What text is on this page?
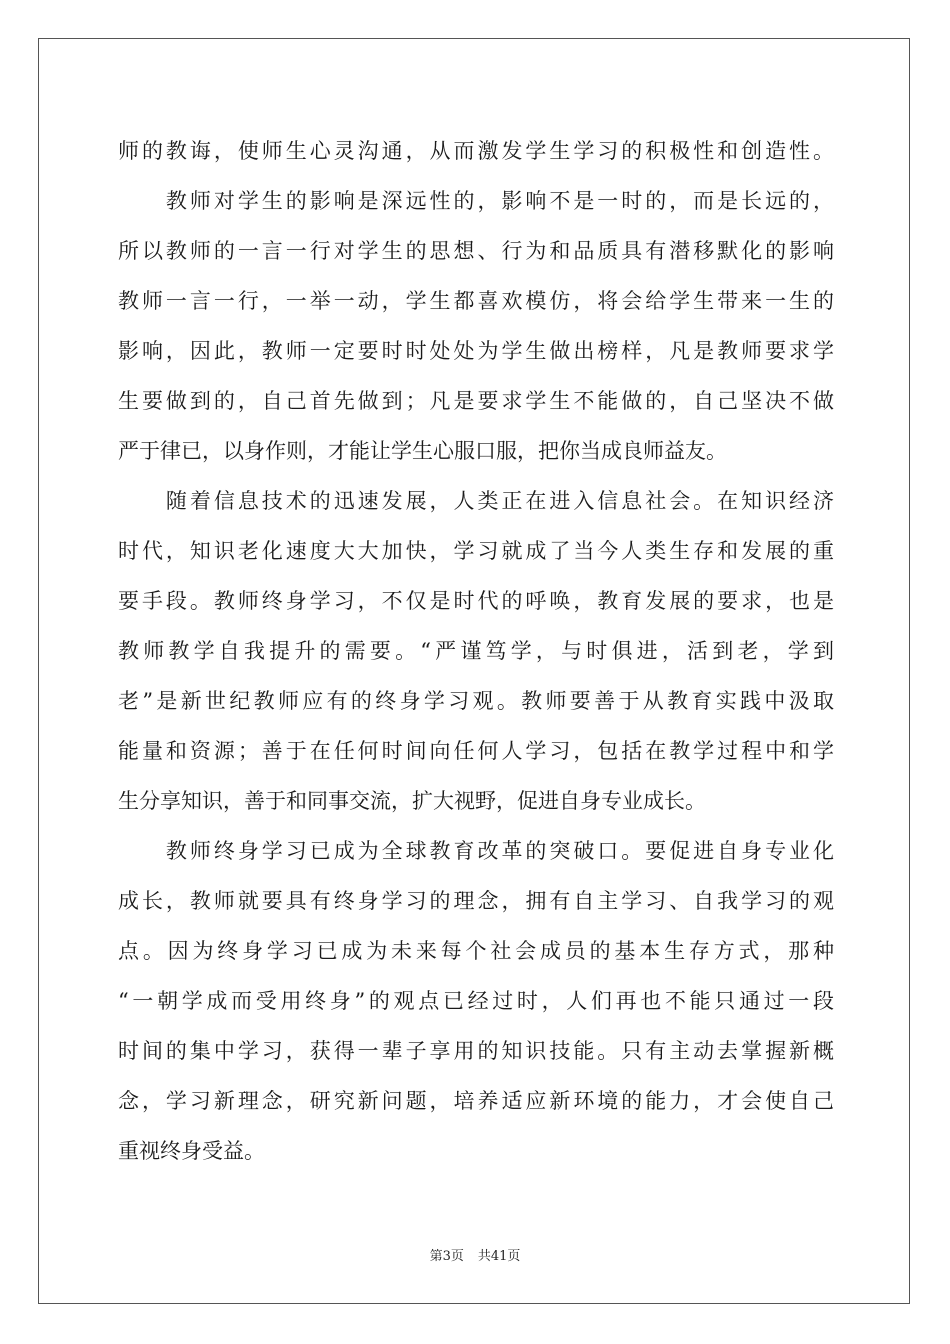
师的教诲，使师生心灵沟通，从而激发学生学习的积极性和创造性。
　　教师对学生的影响是深远性的，影响不是一时的，而是长远的，
所以教师的一言一行对学生的思想、行为和品质具有潜移默化的影响
教师一言一行，一举一动，学生都喜欢模仿，将会给学生带来一生的
影响，因此，教师一定要时时处处为学生做出榜样，凡是教师要求学
生要做到的，自己首先做到；凡是要求学生不能做的，自己坚决不做
严于律已，以身作则，才能让学生心服口服，把你当成良师益友。
　　随着信息技术的迅速发展，人类正在进入信息社会。在知识经济
时代，知识老化速度大大加快，学习就成了当今人类生存和发展的重
要手段。教师终身学习，不仅是时代的呼唤，教育发展的要求，也是
教师教学自我提升的需要。“严谨笃学，与时俱进，活到老，学到
老”是新世纪教师应有的终身学习观。教师要善于从教育实践中汲取
能量和资源；善于在任何时间向任何人学习，包括在教学过程中和学
生分享知识，善于和同事交流，扩大视野，促进自身专业成长。
　　教师终身学习已成为全球教育改革的突破口。要促进自身专业化
成长，教师就要具有终身学习的理念，拥有自主学习、自我学习的观
点。因为终身学习已成为未来每个社会成员的基本生存方式，那种
“一朝学成而受用终身”的观点已经过时，人们再也不能只通过一段
时间的集中学习，获得一辈子享用的知识技能。只有主动去掌握新概
念，学习新理念，研究新问题，培养适应新环境的能力，才会使自己
重视终身受益。
第3页 共41页
